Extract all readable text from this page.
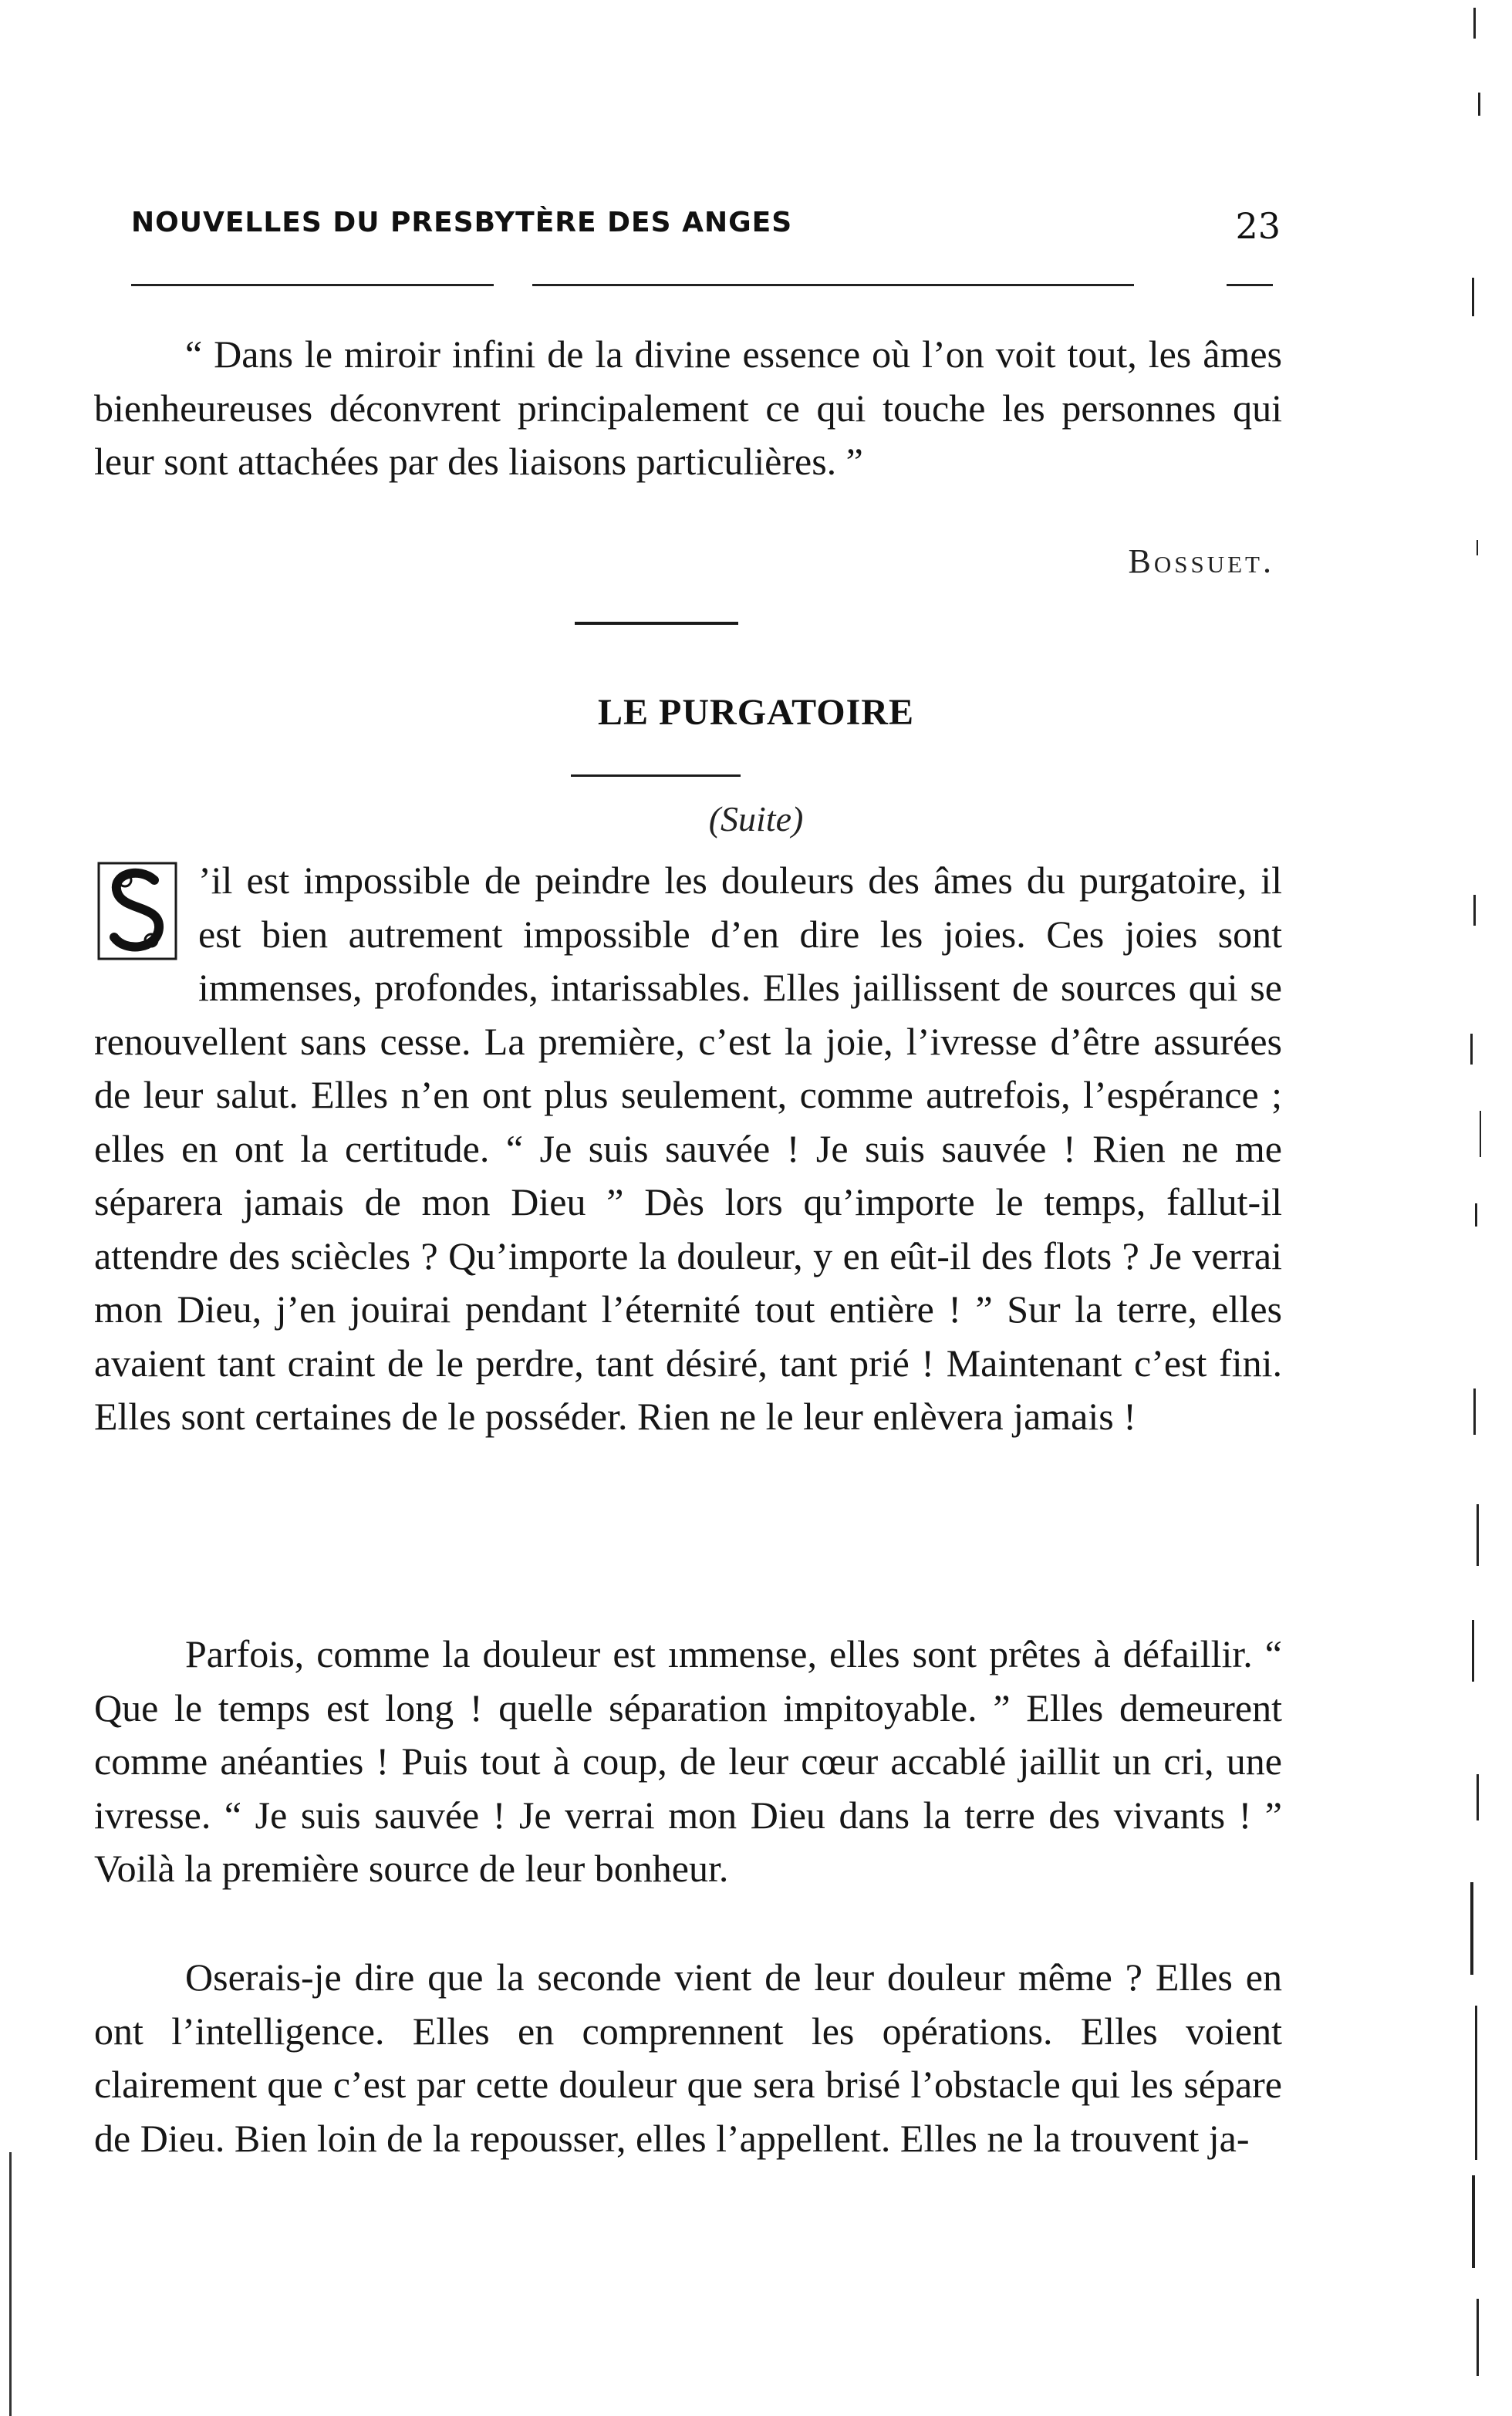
NOUVELLES DU PRESBYTÈRE DES ANGES	23

“ Dans le miroir infini de la divine essence où l’on voit tout, les âmes bienheureuses déconvrent principalement ce qui touche les personnes qui leur sont attachées par des liaisons particulières. ”

Bossuet.
LE PURGATOIRE
(Suite)

’il est impossible de peindre les douleurs des âmes du purgatoire, il est bien autrement impossible d’en dire les joies. Ces joies sont immenses, profondes, intarissables. Elles jaillissent de sources qui se renouvellent sans cesse. La première, c’est la joie, l’ivresse d’être assurées de leur salut. Elles n’en ont plus seulement, comme autrefois, l’espérance ; elles en ont la certitude. “ Je suis sauvée ! Je suis sauvée ! Rien ne me séparera jamais de mon Dieu ” Dès lors qu’importe le temps, fallut-il attendre des sciècles ? Qu’importe la douleur, y en eût-il des flots ? Je verrai mon Dieu, j’en jouirai pendant l’éternité tout entière ! ” Sur la terre, elles avaient tant craint de le perdre, tant désiré, tant prié ! Maintenant c’est fini. Elles sont certaines de le posséder. Rien ne le leur enlèvera jamais !

Parfois, comme la douleur est ımmense, elles sont prêtes à défaillir. “ Que le temps est long ! quelle séparation impitoyable. ” Elles demeurent comme anéanties ! Puis tout à coup, de leur cœur accablé jaillit un cri, une ivresse. “ Je suis sauvée ! Je verrai mon Dieu dans la terre des vivants ! ” Voilà la première source de leur bonheur.

Oserais-je dire que la seconde vient de leur douleur même ? Elles en ont l’intelligence. Elles en comprennent les opérations. Elles voient clairement que c’est par cette douleur que sera brisé l’obstacle qui les sépare de Dieu. Bien loin de la repousser, elles l’appellent. Elles ne la trouvent ja-
